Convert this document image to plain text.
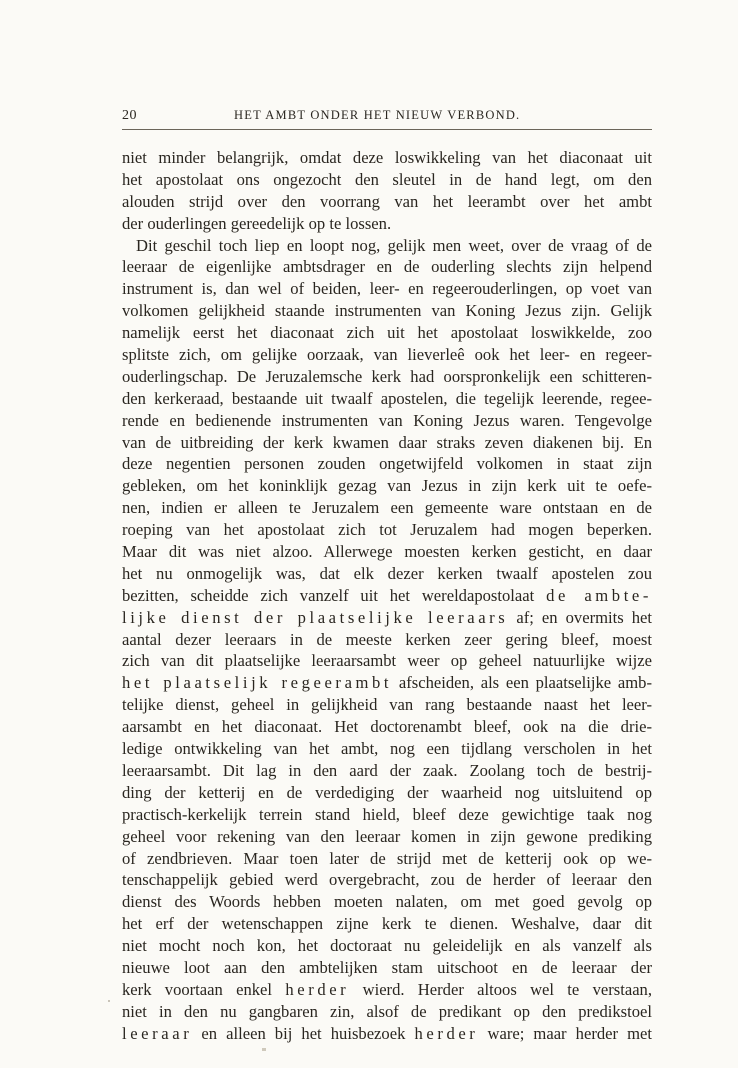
20	HET AMBT ONDER HET NIEUW VERBOND.
niet minder belangrijk, omdat deze loswikkeling van het diaconaat uit
het apostolaat ons ongezocht den sleutel in de hand legt, om den
alouden strijd over den voorrang van het leerambt over het ambt
der ouderlingen gereedelijk op te lossen.
Dit geschil toch liep en loopt nog, gelijk men weet, over de vraag of de
leeraar de eigenlijke ambtsdrager en de ouderling slechts zijn helpend
instrument is, dan wel of beiden, leer- en regeerouderlingen, op voet van
volkomen gelijkheid staande instrumenten van Koning Jezus zijn. Gelijk
namelijk eerst het diaconaat zich uit het apostolaat loswikkelde, zoo
splitste zich, om gelijke oorzaak, van lieverleê ook het leer- en regeer-
ouderlingschap. De Jeruzalemsche kerk had oorspronkelijk een schitteren-
den kerkeraad, bestaande uit twaalf apostelen, die tegelijk leerende, regee-
rende en bedienende instrumenten van Koning Jezus waren. Tengevolge
van de uitbreiding der kerk kwamen daar straks zeven diakenen bij. En
deze negentien personen zouden ongetwijfeld volkomen in staat zijn
gebleken, om het koninklijk gezag van Jezus in zijn kerk uit te oefe-
nen, indien er alleen te Jeruzalem een gemeente ware ontstaan en de
roeping van het apostolaat zich tot Jeruzalem had mogen beperken.
Maar dit was niet alzoo. Allerwege moesten kerken gesticht, en daar
het nu onmogelijk was, dat elk dezer kerken twaalf apostelen zou
bezitten, scheidde zich vanzelf uit het wereldapostolaat de ambte-
lijke dienst der plaatselijke leeraars af; en overmits het
aantal dezer leeraars in de meeste kerken zeer gering bleef, moest
zich van dit plaatselijke leeraarsambt weer op geheel natuurlijke wijze
het plaatselijk regeerambt afscheiden, als een plaatselijke amb-
telijke dienst, geheel in gelijkheid van rang bestaande naast het leer-
aarsambt en het diaconaat. Het doctorenambt bleef, ook na die drie-
ledige ontwikkeling van het ambt, nog een tijdlang verscholen in het
leeraarsambt. Dit lag in den aard der zaak. Zoolang toch de bestrij-
ding der ketterij en de verdediging der waarheid nog uitsluitend op
practisch-kerkelijk terrein stand hield, bleef deze gewichtige taak nog
geheel voor rekening van den leeraar komen in zijn gewone prediking
of zendbrieven. Maar toen later de strijd met de ketterij ook op we-
tenschappelijk gebied werd overgebracht, zou de herder of leeraar den
dienst des Woords hebben moeten nalaten, om met goed gevolg op
het erf der wetenschappen zijne kerk te dienen. Weshalve, daar dit
niet mocht noch kon, het doctoraat nu geleidelijk en als vanzelf als
nieuwe loot aan den ambtelijken stam uitschoot en de leeraar der
kerk voortaan enkel herder wierd. Herder altoos wel te verstaan,
niet in den nu gangbaren zin, alsof de predikant op den predikstoel
leeraar en alleen bij het huisbezoek herder ware; maar herder met
